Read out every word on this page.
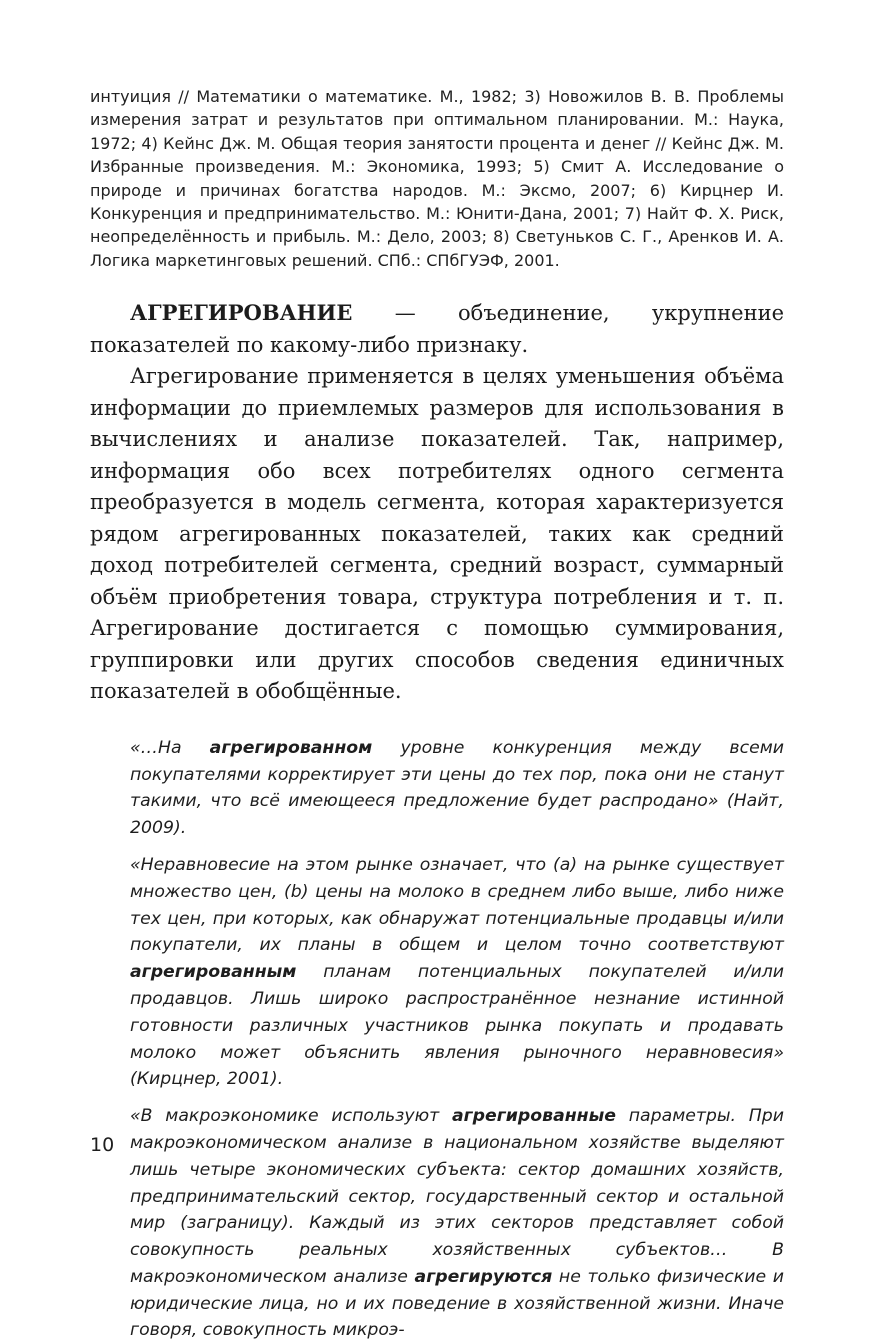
интуиция // Математики о математике. М., 1982; 3) Новожилов В. В. Проблемы измерения затрат и результатов при оптимальном планировании. М.: Наука, 1972; 4) Кейнс Дж. М. Общая теория занятости процента и денег // Кейнс Дж. М. Избранные произведения. М.: Экономика, 1993; 5) Смит А. Исследование о природе и причинах богатства народов. М.: Эксмо, 2007; 6) Кирцнер И. Конкуренция и предпринимательство. М.: Юнити-Дана, 2001; 7) Найт Ф. Х. Риск, неопределённость и прибыль. М.: Дело, 2003; 8) Светуньков С. Г., Аренков И. А. Логика маркетинговых решений. СПб.: СПбГУЭФ, 2001.

АГРЕГИРОВАНИЕ — объединение, укрупнение показателей по какому-либо признаку.

Агрегирование применяется в целях уменьшения объёма информации до приемлемых размеров для использования в вычислениях и анализе показателей. Так, например, информация обо всех потребителях одного сегмента преобразуется в модель сегмента, которая характеризуется рядом агрегированных показателей, таких как средний доход потребителей сегмента, средний возраст, суммарный объём приобретения товара, структура потребления и т. п. Агрегирование достигается с помощью суммирования, группировки или других способов сведения единичных показателей в обобщённые.

«…На агрегированном уровне конкуренция между всеми покупателями корректирует эти цены до тех пор, пока они не станут такими, что всё имеющееся предложение будет распродано» (Найт, 2009).

«Неравновесие на этом рынке означает, что (a) на рынке существует множество цен, (b) цены на молоко в среднем либо выше, либо ниже тех цен, при которых, как обнаружат потенциальные продавцы и/или покупатели, их планы в общем и целом точно соответствуют агрегированным планам потенциальных покупателей и/или продавцов. Лишь широко распространённое незнание истинной готовности различных участников рынка покупать и продавать молоко может объяснить явления рыночного неравновесия» (Кирцнер, 2001).

«В макроэкономике используют агрегированные параметры. При макроэкономическом анализе в национальном хозяйстве выделяют лишь четыре экономических субъекта: сектор домашних хозяйств, предпринимательский сектор, государственный сектор и остальной мир (заграницу). Каждый из этих секторов представляет собой совокупность реальных хозяйственных субъектов… В макроэкономическом анализе агрегируются не только физические и юридические лица, но и их поведение в хозяйственной жизни. Иначе говоря, совокупность микроэ-

10
